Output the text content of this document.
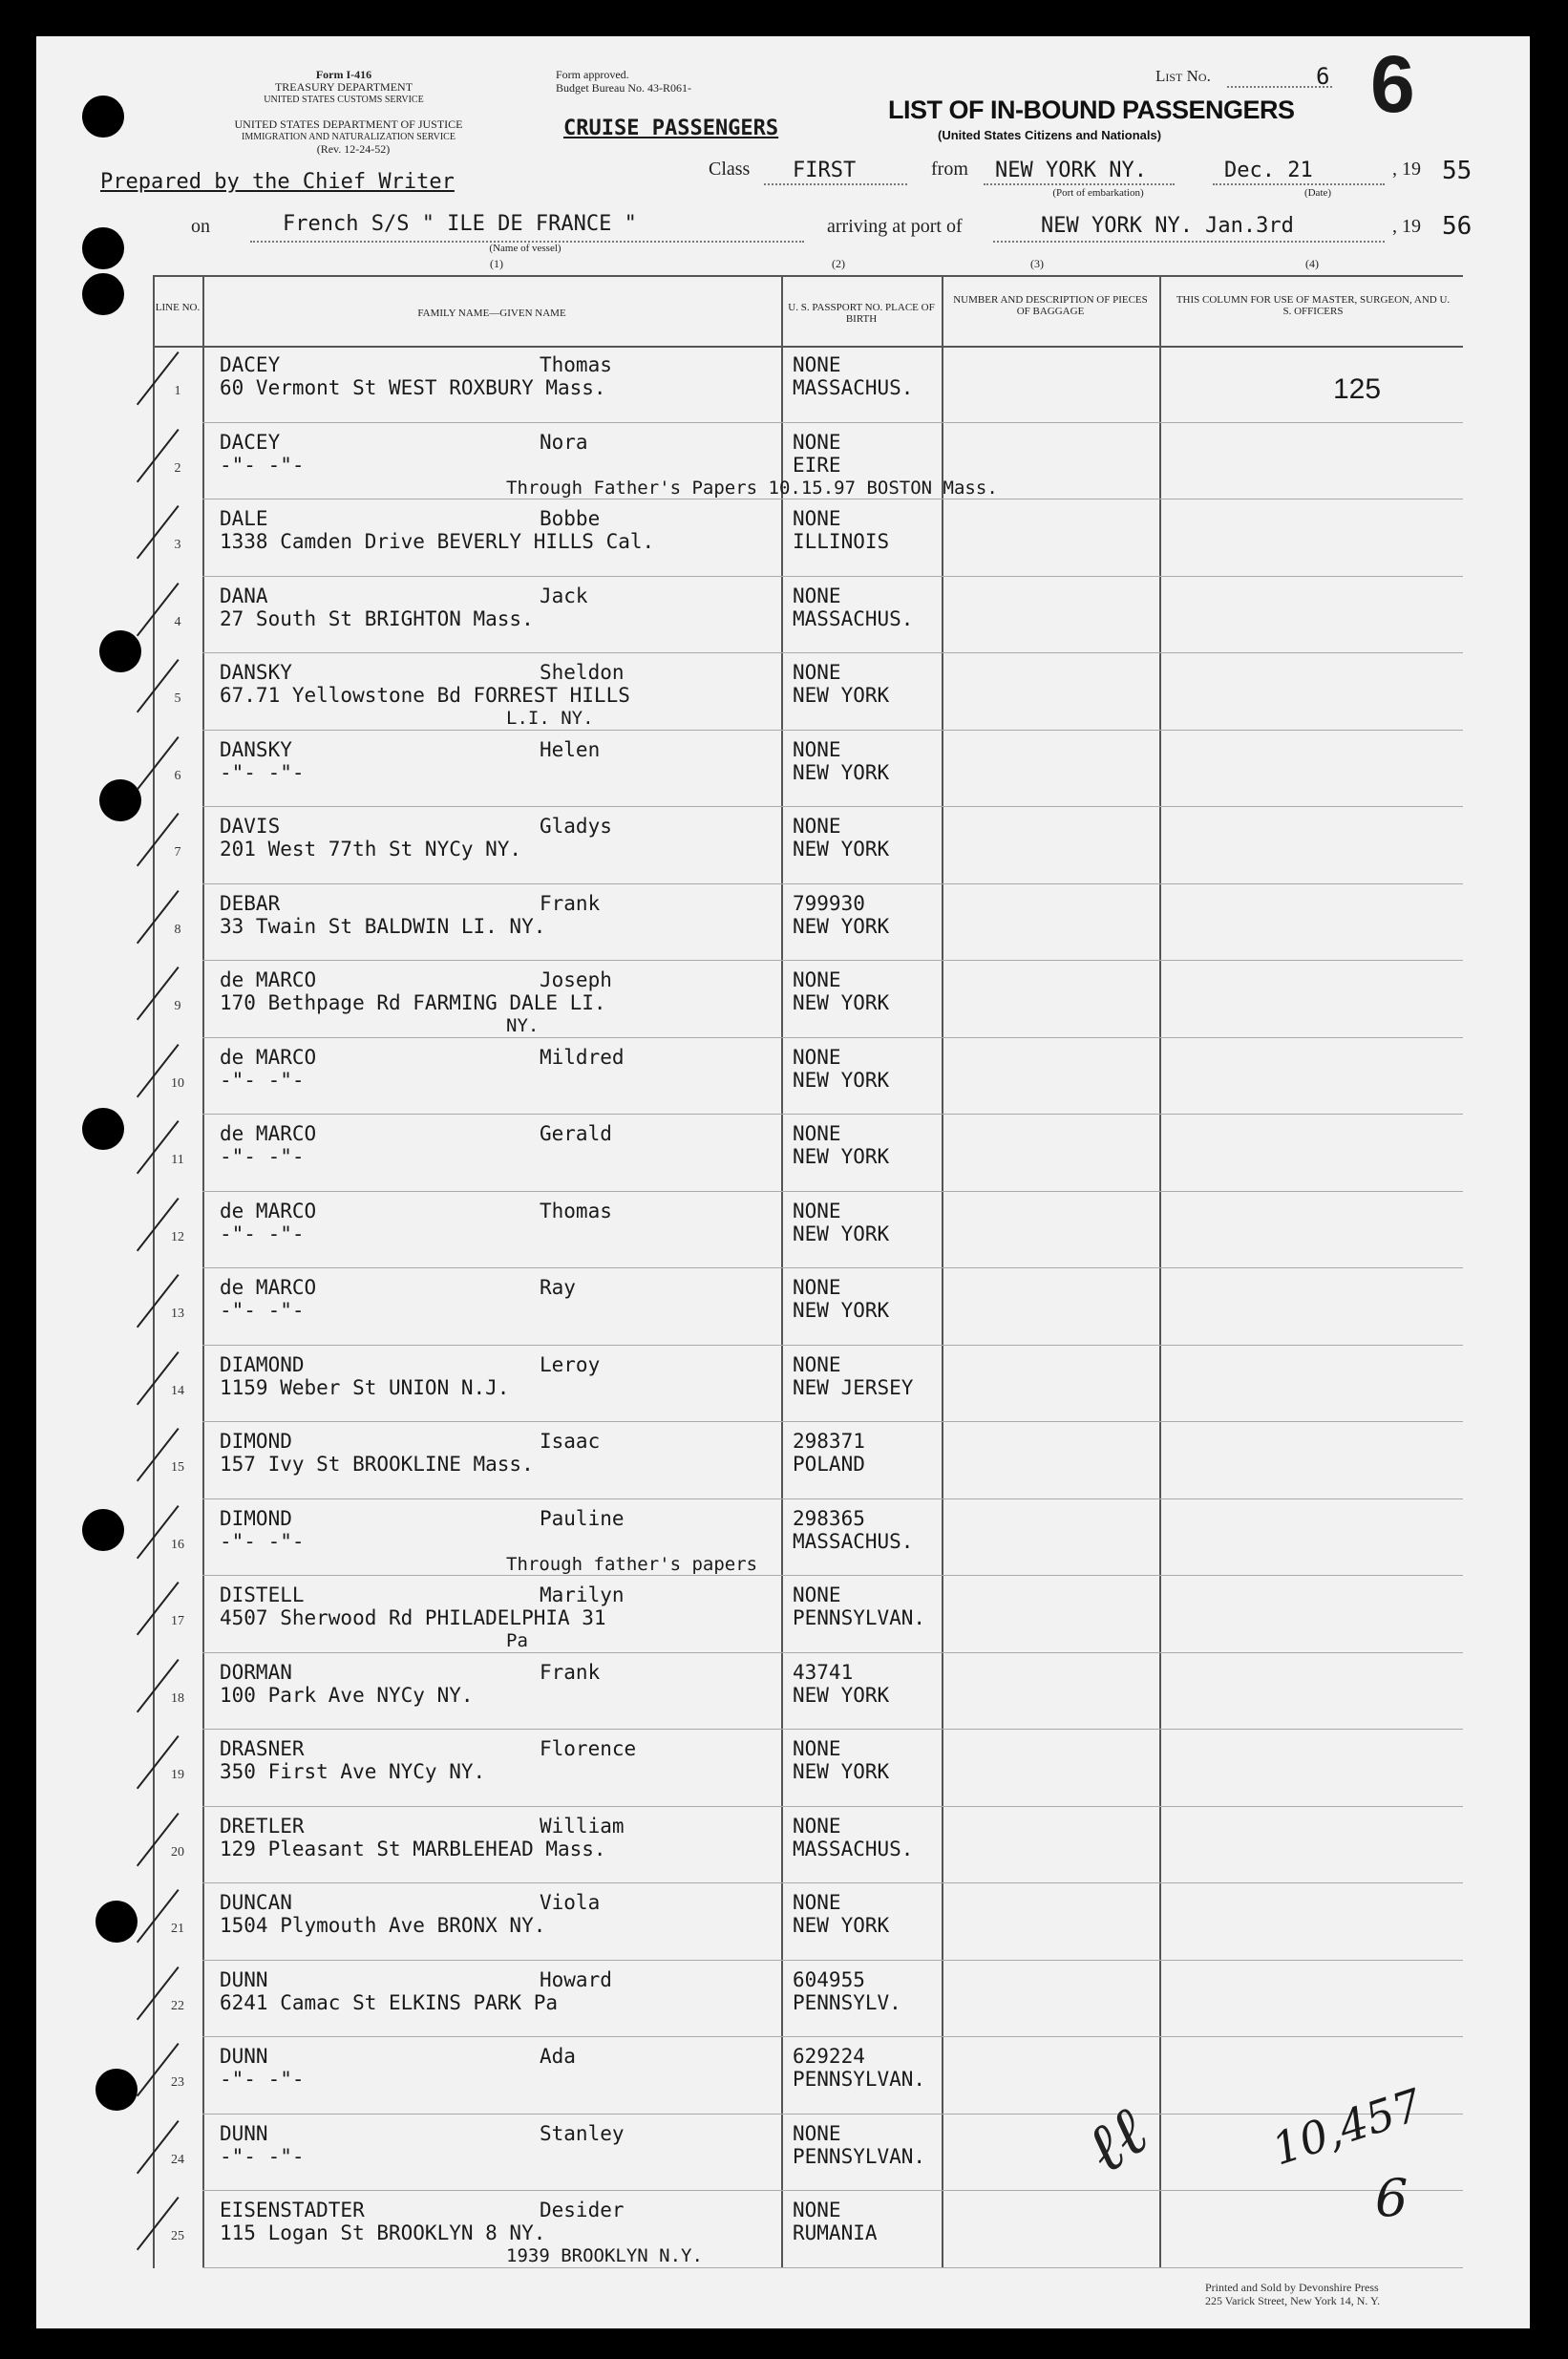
Form I-416
TREASURY DEPARTMENT
UNITED STATES CUSTOMS SERVICE
UNITED STATES DEPARTMENT OF JUSTICE
IMMIGRATION AND NATURALIZATION SERVICE
(Rev. 12-24-52)
Form approved.
Budget Bureau No. 43-R061-
CRUISE PASSENGERS
List No.	6 6
LIST OF IN-BOUND PASSENGERS
(United States Citizens and Nationals)
Prepared by the Chief Writer
Class FIRST	from NEW YORK NY.
(Port of embarkation)
Dec. 21
(Date)
, 19 55
on	French S/S " ILE DE FRANCE "
(Name of vessel)
arriving at port of	NEW YORK NY. Jan.3rd	, 19 56
(1)	(2)	(3)	(4)
LINE NO.	FAMILY NAME—GIVEN NAME	U. S. PASSPORT NO. PLACE OF BIRTH
NUMBER AND DESCRIPTION OF PIECES OF BAGGAGE
THIS COLUMN FOR USE OF MASTER, SURGEON, AND U. S. OFFICERS
125
1
DACEY	Thomas	NONE
60 Vermont St WEST ROXBURY Mass.	MASSACHUS.
2
DACEY	Nora	NONE
-"- -"-	EIRE
Through Father's Papers 10.15.97 BOSTON Mass.
3
DALE	Bobbe	NONE
1338 Camden Drive BEVERLY HILLS Cal.	ILLINOIS
4
DANA	Jack	NONE
27 South St BRIGHTON Mass.	MASSACHUS.
5
DANSKY	Sheldon	NONE
67.71 Yellowstone Bd FORREST HILLS	NEW YORK
L.I. NY.
6
DANSKY	Helen	NONE
-"- -"-	NEW YORK
7
DAVIS	Gladys	NONE
201 West 77th St NYCy NY.	NEW YORK
8
DEBAR	Frank	799930
33 Twain St BALDWIN LI. NY.	NEW YORK
9
de MARCO	Joseph	NONE
170 Bethpage Rd FARMING DALE LI.	NEW YORK
NY.
10
de MARCO	Mildred	NONE
-"- -"-	NEW YORK
11
de MARCO	Gerald	NONE
-"- -"-	NEW YORK
12
de MARCO	Thomas	NONE
-"- -"-	NEW YORK
13
de MARCO	Ray	NONE
-"- -"-	NEW YORK
14
DIAMOND	Leroy	NONE
1159 Weber St UNION N.J.	NEW JERSEY
15
DIMOND	Isaac	298371
157 Ivy St BROOKLINE Mass.	POLAND
16
DIMOND	Pauline	298365
-"- -"-	MASSACHUS.
Through father's papers
17
DISTELL	Marilyn	NONE
4507 Sherwood Rd PHILADELPHIA 31	PENNSYLVAN.
Pa
18
DORMAN	Frank	43741
100 Park Ave NYCy NY.	NEW YORK
19
DRASNER	Florence	NONE
350 First Ave NYCy NY.	NEW YORK
20
DRETLER	William	NONE
129 Pleasant St MARBLEHEAD Mass.	MASSACHUS.
21
DUNCAN	Viola	NONE
1504 Plymouth Ave BRONX NY.	NEW YORK
22
DUNN	Howard	604955
6241 Camac St ELKINS PARK Pa	PENNSYLV.
23
DUNN	Ada	629224
-"- -"-	PENNSYLVAN.
24
DUNN	Stanley	NONE
-"- -"-	PENNSYLVAN.
25
EISENSTADTER	Desider	NONE
115 Logan St BROOKLYN 8 NY.	RUMANIA
1939 BROOKLYN N.Y.
ℓℓ 10,457
6
Printed and Sold by Devonshire Press
225 Varick Street, New York 14, N. Y.
